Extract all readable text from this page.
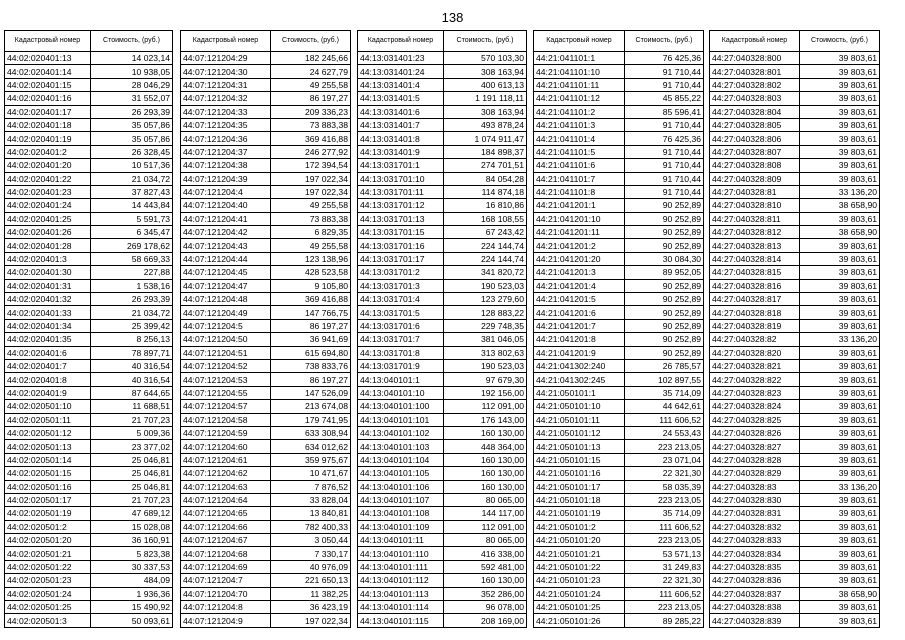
138
Кадастровый номер	Стоимость, (руб.)
44:02:020401:13	14 023,14
44:02:020401:14	10 938,05
44:02:020401:15	28 046,29
44:02:020401:16	31 552,07
44:02:020401:17	26 293,39
44:02:020401:18	35 057,86
44:02:020401:19	35 057,86
44:02:020401:2	26 328,45
44:02:020401:20	10 517,36
44:02:020401:22	21 034,72
44:02:020401:23	37 827,43
44:02:020401:24	14 443,84
44:02:020401:25	5 591,73
44:02:020401:26	6 345,47
44:02:020401:28	269 178,62
44:02:020401:3	58 669,33
44:02:020401:30	227,88
44:02:020401:31	1 538,16
44:02:020401:32	26 293,39
44:02:020401:33	21 034,72
44:02:020401:34	25 399,42
44:02:020401:35	8 256,13
44:02:020401:6	78 897,71
44:02:020401:7	40 316,54
44:02:020401:8	40 316,54
44:02:020401:9	87 644,65
44:02:020501:10	11 688,51
44:02:020501:11	21 707,23
44:02:020501:12	5 009,36
44:02:020501:13	23 377,02
44:02:020501:14	25 046,81
44:02:020501:15	25 046,81
44:02:020501:16	25 046,81
44:02:020501:17	21 707,23
44:02:020501:19	47 689,12
44:02:020501:2	15 028,08
44:02:020501:20	36 160,91
44:02:020501:21	5 823,38
44:02:020501:22	30 337,53
44:02:020501:23	484,09
44:02:020501:24	1 936,36
44:02:020501:25	15 490,92
44:02:020501:3	50 093,61
Кадастровый номер	Стоимость, (руб.)
44:07:121204:29	182 245,66
44:07:121204:30	24 627,79
44:07:121204:31	49 255,58
44:07:121204:32	86 197,27
44:07:121204:33	209 336,23
44:07:121204:35	73 883,38
44:07:121204:36	369 416,88
44:07:121204:37	246 277,92
44:07:121204:38	172 394,54
44:07:121204:39	197 022,34
44:07:121204:4	197 022,34
44:07:121204:40	49 255,58
44:07:121204:41	73 883,38
44:07:121204:42	6 829,35
44:07:121204:43	49 255,58
44:07:121204:44	123 138,96
44:07:121204:45	428 523,58
44:07:121204:47	9 105,80
44:07:121204:48	369 416,88
44:07:121204:49	147 766,75
44:07:121204:5	86 197,27
44:07:121204:50	36 941,69
44:07:121204:51	615 694,80
44:07:121204:52	738 833,76
44:07:121204:53	86 197,27
44:07:121204:55	147 526,09
44:07:121204:57	213 674,08
44:07:121204:58	179 741,95
44:07:121204:59	633 308,94
44:07:121204:60	634 012,62
44:07:121204:61	359 975,67
44:07:121204:62	10 471,67
44:07:121204:63	7 876,52
44:07:121204:64	33 828,04
44:07:121204:65	13 840,81
44:07:121204:66	782 400,33
44:07:121204:67	3 050,44
44:07:121204:68	7 330,17
44:07:121204:69	40 976,09
44:07:121204:7	221 650,13
44:07:121204:70	11 382,25
44:07:121204:8	36 423,19
44:07:121204:9	197 022,34
Кадастровый номер	Стоимость, (руб.)
44:13:031401:23	570 103,30
44:13:031401:24	308 163,94
44:13:031401:4	400 613,13
44:13:031401:5	1 191 118,11
44:13:031401:6	308 163,94
44:13:031401:7	493 878,24
44:13:031401:8	1 074 911,47
44:13:031401:9	184 898,37
44:13:031701:1	274 701,51
44:13:031701:10	84 054,28
44:13:031701:11	114 874,18
44:13:031701:12	16 810,86
44:13:031701:13	168 108,55
44:13:031701:15	67 243,42
44:13:031701:16	224 144,74
44:13:031701:17	224 144,74
44:13:031701:2	341 820,72
44:13:031701:3	190 523,03
44:13:031701:4	123 279,60
44:13:031701:5	128 883,22
44:13:031701:6	229 748,35
44:13:031701:7	381 046,05
44:13:031701:8	313 802,63
44:13:031701:9	190 523,03
44:13:040101:1	97 679,30
44:13:040101:10	192 156,00
44:13:040101:100	112 091,00
44:13:040101:101	176 143,00
44:13:040101:102	160 130,00
44:13:040101:103	448 364,00
44:13:040101:104	160 130,00
44:13:040101:105	160 130,00
44:13:040101:106	160 130,00
44:13:040101:107	80 065,00
44:13:040101:108	144 117,00
44:13:040101:109	112 091,00
44:13:040101:11	80 065,00
44:13:040101:110	416 338,00
44:13:040101:111	592 481,00
44:13:040101:112	160 130,00
44:13:040101:113	352 286,00
44:13:040101:114	96 078,00
44:13:040101:115	208 169,00
Кадастровый номер	Стоимость, (руб.)
44:21:041101:1	76 425,36
44:21:041101:10	91 710,44
44:21:041101:11	91 710,44
44:21:041101:12	45 855,22
44:21:041101:2	85 596,41
44:21:041101:3	91 710,44
44:21:041101:4	76 425,36
44:21:041101:5	91 710,44
44:21:041101:6	91 710,44
44:21:041101:7	91 710,44
44:21:041101:8	91 710,44
44:21:041201:1	90 252,89
44:21:041201:10	90 252,89
44:21:041201:11	90 252,89
44:21:041201:2	90 252,89
44:21:041201:20	30 084,30
44:21:041201:3	89 952,05
44:21:041201:4	90 252,89
44:21:041201:5	90 252,89
44:21:041201:6	90 252,89
44:21:041201:7	90 252,89
44:21:041201:8	90 252,89
44:21:041201:9	90 252,89
44:21:041302:240	26 785,57
44:21:041302:245	102 897,55
44:21:050101:1	35 714,09
44:21:050101:10	44 642,61
44:21:050101:11	111 606,52
44:21:050101:12	24 553,43
44:21:050101:13	223 213,05
44:21:050101:15	23 071,04
44:21:050101:16	22 321,30
44:21:050101:17	58 035,39
44:21:050101:18	223 213,05
44:21:050101:19	35 714,09
44:21:050101:2	111 606,52
44:21:050101:20	223 213,05
44:21:050101:21	53 571,13
44:21:050101:22	31 249,83
44:21:050101:23	22 321,30
44:21:050101:24	111 606,52
44:21:050101:25	223 213,05
44:21:050101:26	89 285,22
Кадастровый номер	Стоимость, (руб.)
44:27:040328:800	39 803,61
44:27:040328:801	39 803,61
44:27:040328:802	39 803,61
44:27:040328:803	39 803,61
44:27:040328:804	39 803,61
44:27:040328:805	39 803,61
44:27:040328:806	39 803,61
44:27:040328:807	39 803,61
44:27:040328:808	39 803,61
44:27:040328:809	39 803,61
44:27:040328:81	33 136,20
44:27:040328:810	38 658,90
44:27:040328:811	39 803,61
44:27:040328:812	38 658,90
44:27:040328:813	39 803,61
44:27:040328:814	39 803,61
44:27:040328:815	39 803,61
44:27:040328:816	39 803,61
44:27:040328:817	39 803,61
44:27:040328:818	39 803,61
44:27:040328:819	39 803,61
44:27:040328:82	33 136,20
44:27:040328:820	39 803,61
44:27:040328:821	39 803,61
44:27:040328:822	39 803,61
44:27:040328:823	39 803,61
44:27:040328:824	39 803,61
44:27:040328:825	39 803,61
44:27:040328:826	39 803,61
44:27:040328:827	39 803,61
44:27:040328:828	39 803,61
44:27:040328:829	39 803,61
44:27:040328:83	33 136,20
44:27:040328:830	39 803,61
44:27:040328:831	39 803,61
44:27:040328:832	39 803,61
44:27:040328:833	39 803,61
44:27:040328:834	39 803,61
44:27:040328:835	39 803,61
44:27:040328:836	39 803,61
44:27:040328:837	38 658,90
44:27:040328:838	39 803,61
44:27:040328:839	39 803,61
